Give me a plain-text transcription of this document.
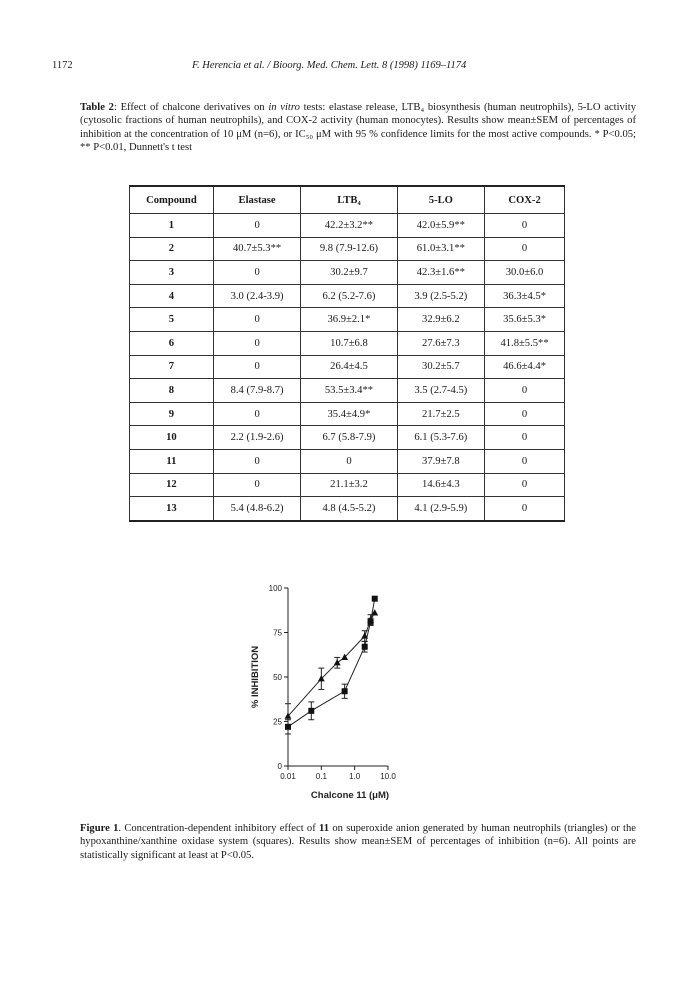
1172	F. Herencia et al. / Bioorg. Med. Chem. Lett. 8 (1998) 1169–1174

Table 2: Effect of chalcone derivatives on in vitro tests: elastase release, LTB₄ biosynthesis (human neutrophils), 5-LO activity (cytosolic fractions of human neutrophils), and COX-2 activity (human monocytes). Results show mean±SEM of percentages of inhibition at the concentration of 10 μM (n=6), or IC₅₀ μM with 95 % confidence limits for the most active compounds. * P<0.05; ** P<0.01, Dunnett's t test

Compound	Elastase	LTB₄	5-LO	COX-2
1	0	42.2±3.2**	42.0±5.9**	0
2	40.7±5.3**	9.8 (7.9-12.6)	61.0±3.1**	0
3	0	30.2±9.7	42.3±1.6**	30.0±6.0
4	3.0 (2.4-3.9)	6.2 (5.2-7.6)	3.9 (2.5-5.2)	36.3±4.5*
5	0	36.9±2.1*	32.9±6.2	35.6±5.3*
6	0	10.7±6.8	27.6±7.3	41.8±5.5**
7	0	26.4±4.5	30.2±5.7	46.6±4.4*
8	8.4 (7.9-8.7)	53.5±3.4**	3.5 (2.7-4.5)	0
9	0	35.4±4.9*	21.7±2.5	0
10	2.2 (1.9-2.6)	6.7 (5.8-7.9)	6.1 (5.3-7.6)	0
11	0	0	37.9±7.8	0
12	0	21.1±3.2	14.6±4.3	0
13	5.4 (4.8-6.2)	4.8 (4.5-5.2)	4.1 (2.9-5.9)	0
0
25
50
75
100
0.01 0.1	1.0 10.0
% INHIBITION
Chalcone 11 (μM)

Figure 1. Concentration-dependent inhibitory effect of 11 on superoxide anion generated by human neutrophils (triangles) or the hypoxanthine/xanthine oxidase system (squares). Results show mean±SEM of percentages of inhibition (n=6). All points are statistically significant at least at P<0.05.
